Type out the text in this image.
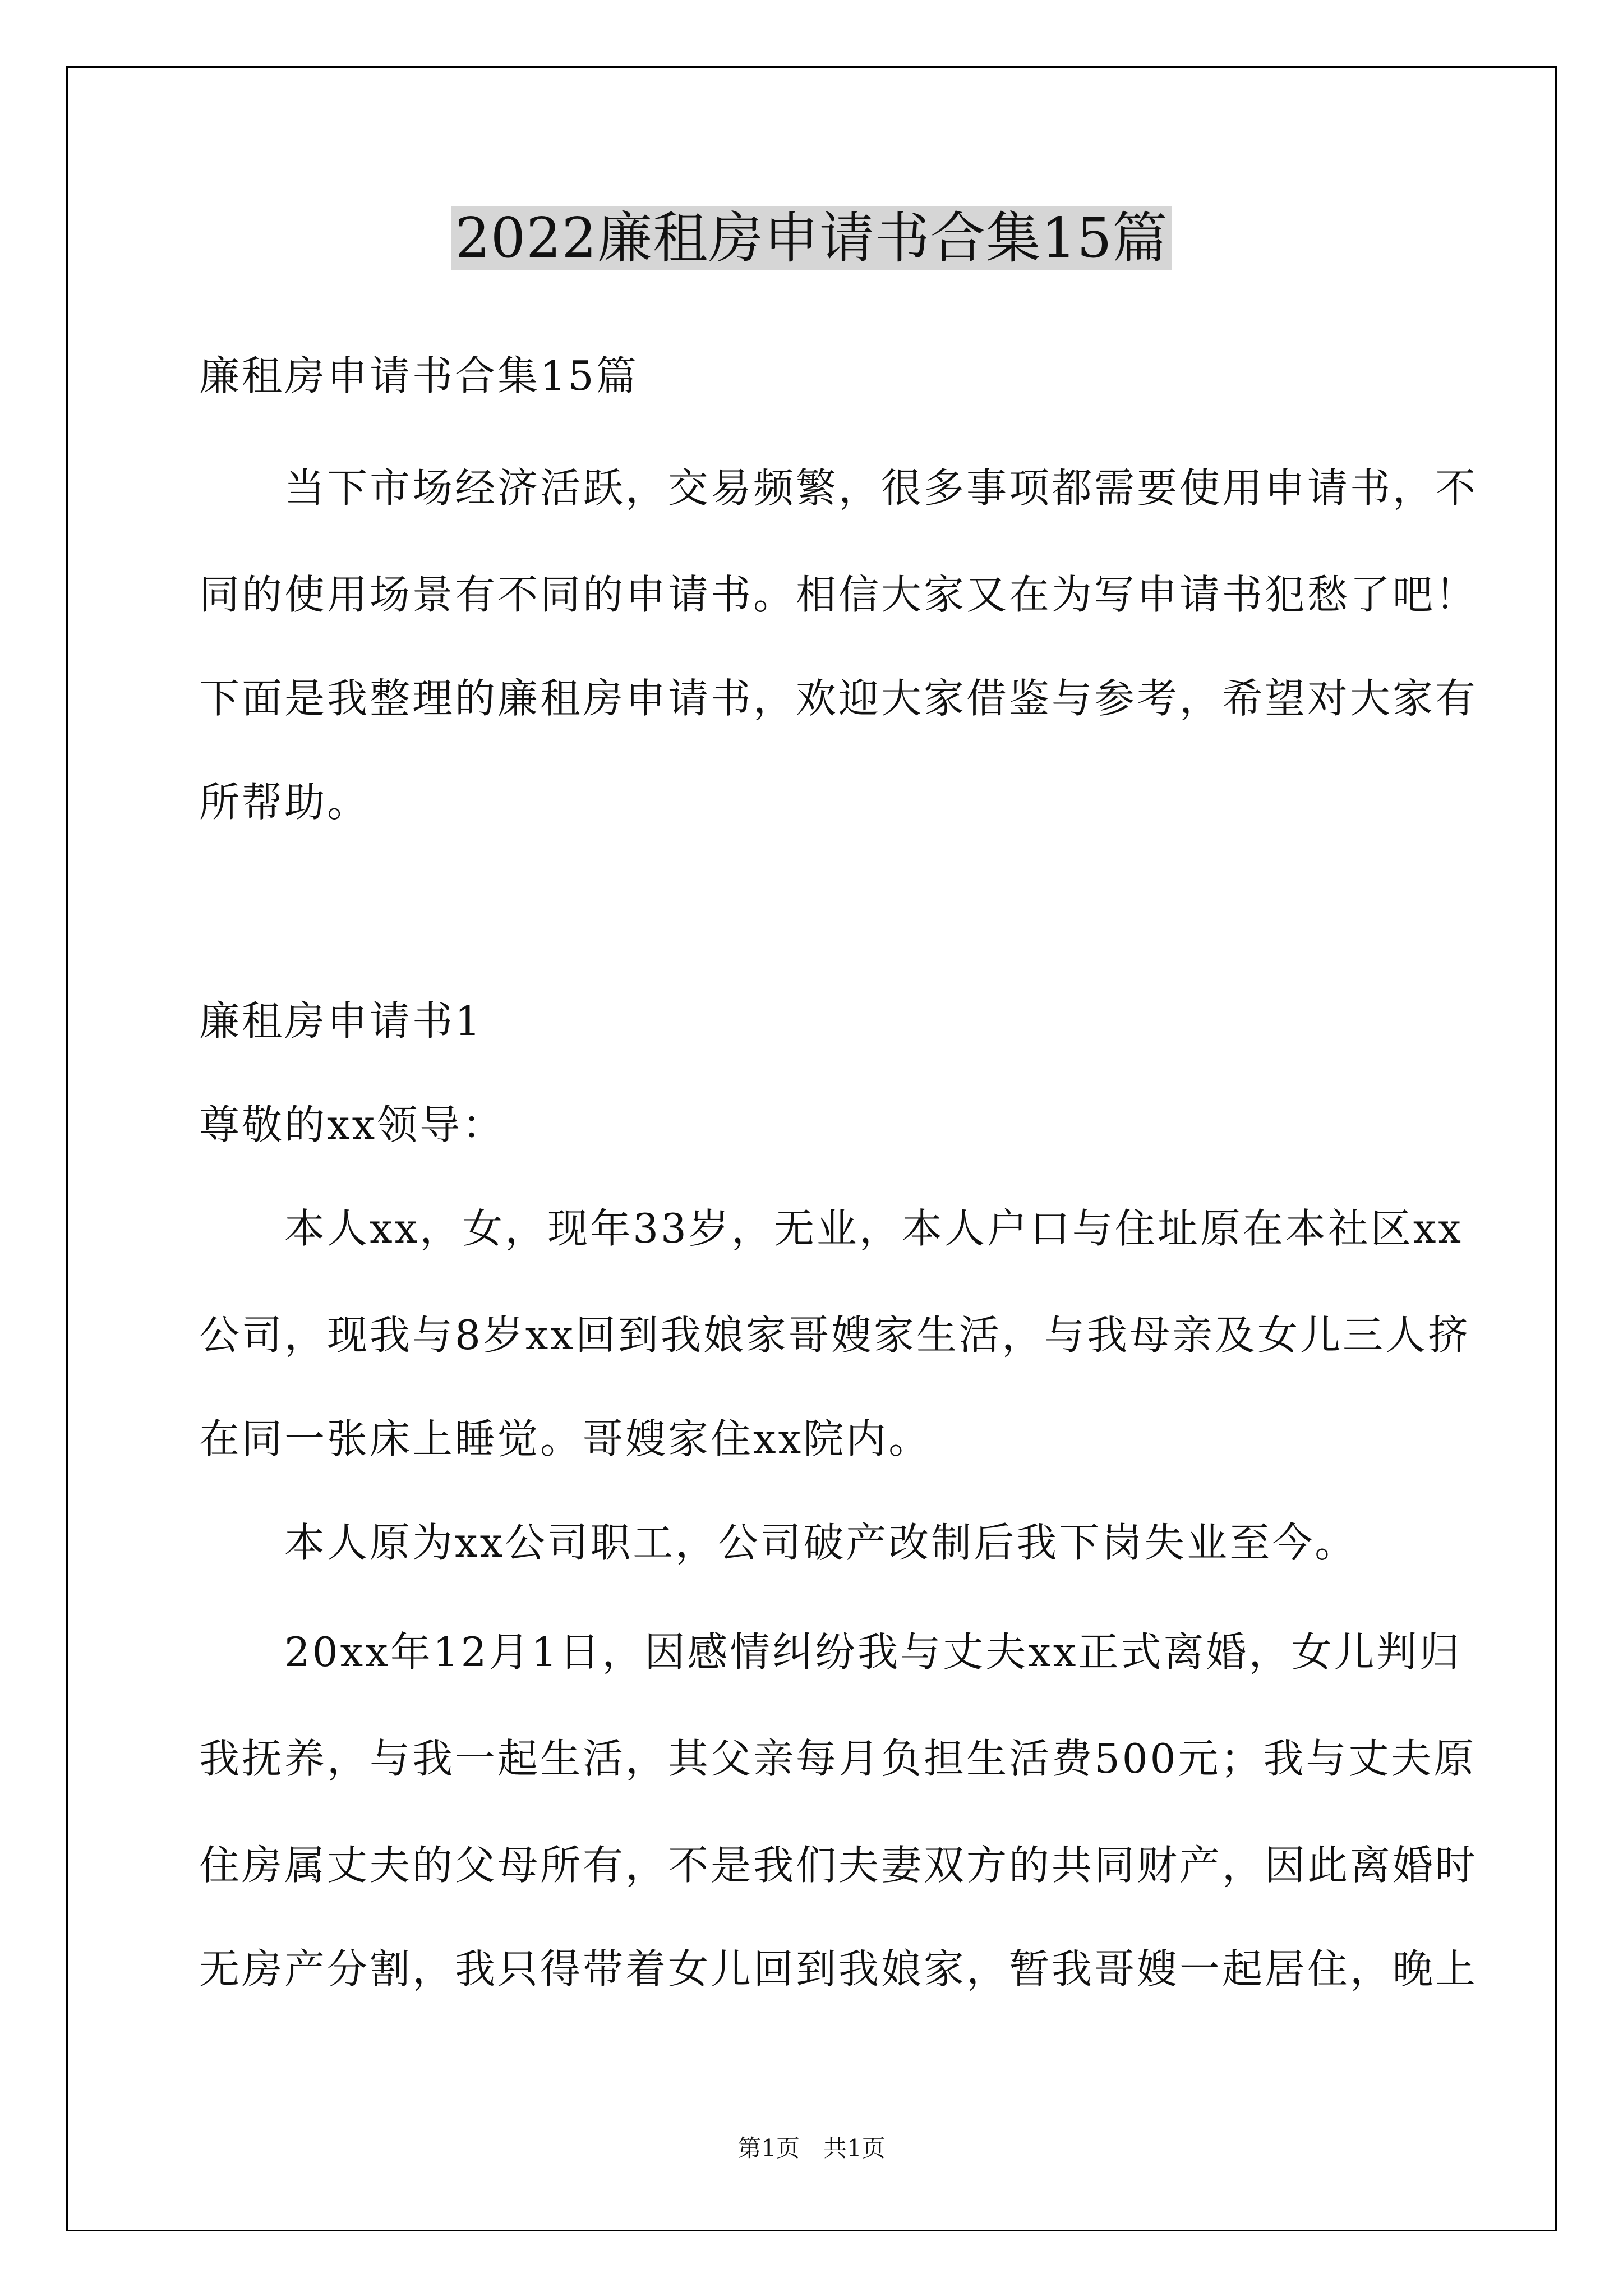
2022廉租房申请书合集15篇
廉租房申请书合集15篇
　　当下市场经济活跃，交易频繁，很多事项都需要使用申请书，不
同的使用场景有不同的申请书。相信大家又在为写申请书犯愁了吧！
下面是我整理的廉租房申请书，欢迎大家借鉴与参考，希望对大家有
所帮助。
廉租房申请书1
尊敬的xx领导：
　　本人xx，女，现年33岁，无业，本人户口与住址原在本社区xx
公司，现我与8岁xx回到我娘家哥嫂家生活，与我母亲及女儿三人挤
在同一张床上睡觉。哥嫂家住xx院内。
　　本人原为xx公司职工，公司破产改制后我下岗失业至今。
　　20xx年12月1日，因感情纠纷我与丈夫xx正式离婚，女儿判归
我抚养，与我一起生活，其父亲每月负担生活费500元；我与丈夫原
住房属丈夫的父母所有，不是我们夫妻双方的共同财产，因此离婚时
无房产分割，我只得带着女儿回到我娘家，暂我哥嫂一起居住，晚上
第1页　共1页
